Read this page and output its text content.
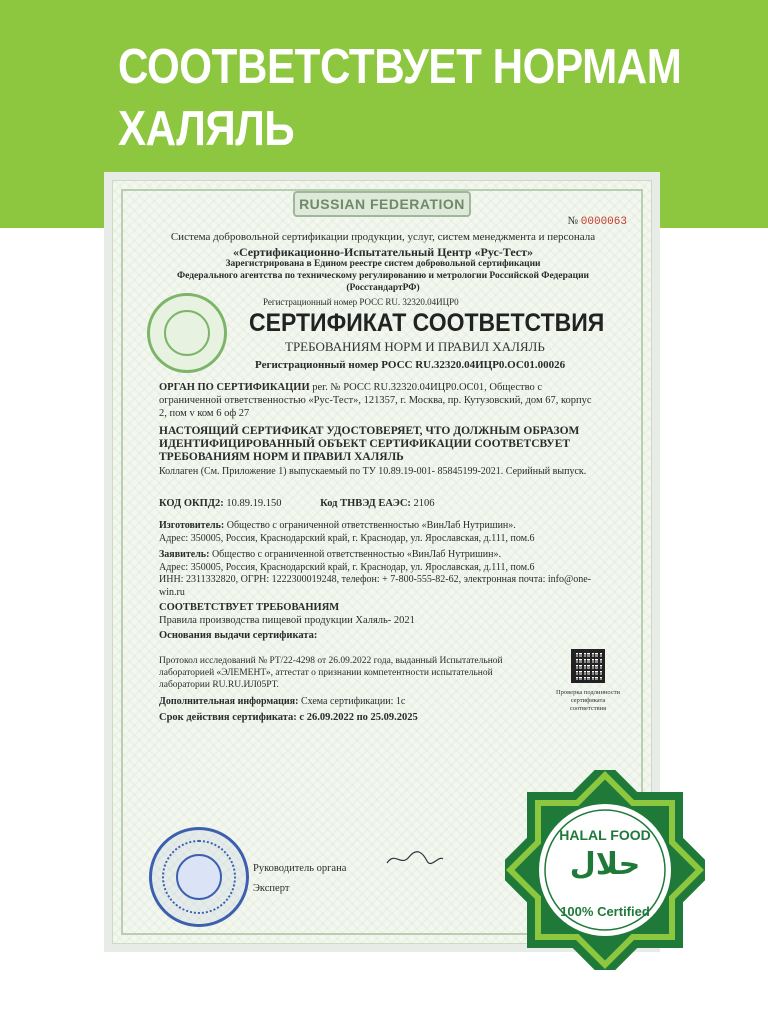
СООТВЕТСТВУЕТ НОРМАМ
ХАЛЯЛЬ
RUSSIAN FEDERATION
№ 0000063
Система добровольной сертификации продукции, услуг, систем менеджмента и персонала
«Сертификационно-Испытательный Центр «Рус-Тест»
Зарегистрирована в Едином реестре систем добровольной сертификации
Федерального агентства по техническому регулированию и метрологии Российской Федерации
(РосстандартРФ)
Регистрационный номер РОСС RU. 32320.04ИЦР0
СЕРТИФИКАТ СООТВЕТСТВИЯ
ТРЕБОВАНИЯМ НОРМ И ПРАВИЛ ХАЛЯЛЬ
Регистрационный номер РОСС RU.32320.04ИЦР0.ОС01.00026
ОРГАН ПО СЕРТИФИКАЦИИ рег. № РОСС RU.32320.04ИЦР0.ОС01, Общество с ограниченной ответственностью «Рус-Тест», 121357, г. Москва, пр. Кутузовский, дом 67, корпус 2, пом v ком 6 оф 27
НАСТОЯЩИЙ СЕРТИФИКАТ УДОСТОВЕРЯЕТ, ЧТО ДОЛЖНЫМ ОБРАЗОМ ИДЕНТИФИЦИРОВАННЫЙ ОБЪЕКТ СЕРТИФИКАЦИИ СООТВЕТСВУЕТ ТРЕБОВАНИЯМ НОРМ И ПРАВИЛ ХАЛЯЛЬ
Коллаген (См. Приложение 1) выпускаемый по ТУ 10.89.19-001- 85845199-2021. Серийный выпуск.
КОД ОКПД2: 10.89.19.150	Код ТНВЭД ЕАЭС: 2106
Изготовитель: Общество с ограниченной ответственностью «ВинЛаб Нутришин».
Адрес: 350005, Россия, Краснодарский край, г. Краснодар, ул. Ярославская, д.111, пом.6
Заявитель: Общество с ограниченной ответственностью «ВинЛаб Нутришин».
Адрес: 350005, Россия, Краснодарский край, г. Краснодар, ул. Ярославская, д.111, пом.6
ИНН: 2311332820, ОГРН: 1222300019248, телефон: + 7-800-555-82-62, электронная почта: info@one-win.ru
СООТВЕТСТВУЕТ ТРЕБОВАНИЯМ
Правила производства пищевой продукции Халяль- 2021
Основания выдачи сертификата:
Протокол исследований № РТ/22-4298 от 26.09.2022 года, выданный Испытательной лабораторией «ЭЛЕМЕНТ», аттестат о признании компетентности испытательной лаборатории RU.RU.ИЛ05РТ.
Дополнительная информация: Схема сертификации: 1с
Срок действия сертификата: с 26.09.2022 по 25.09.2025
Проверка подлинности сертификата соответствия
Руководитель органа
Эксперт
HALAL FOOD
حلال
100% Certified
